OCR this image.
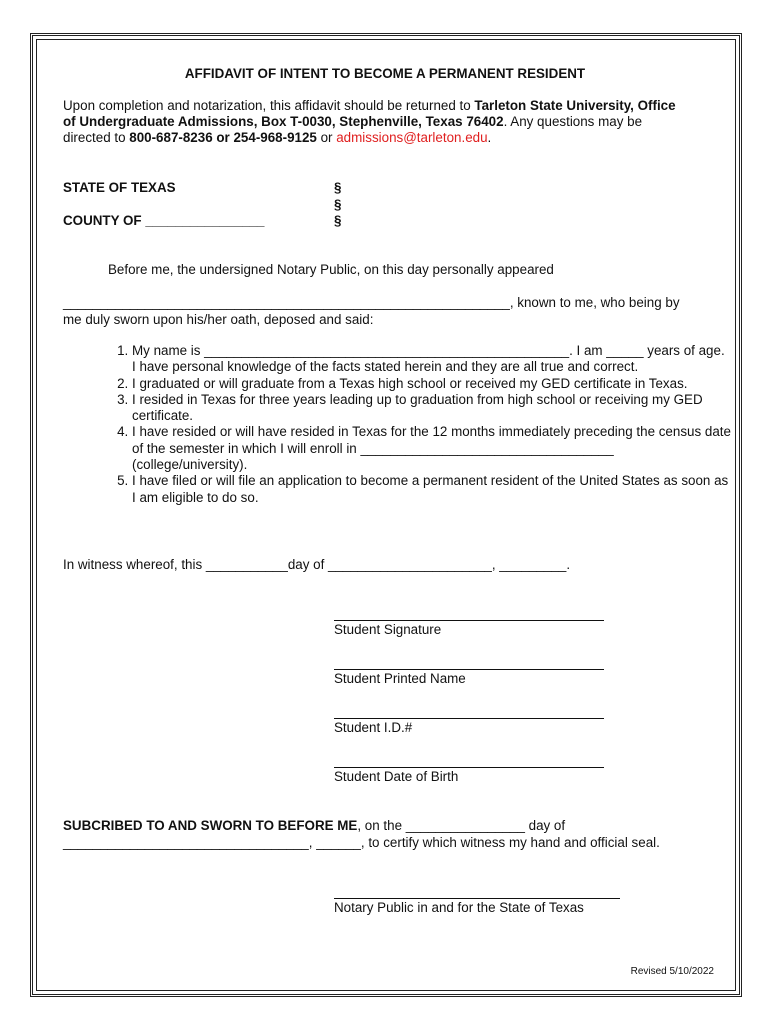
AFFIDAVIT OF INTENT TO BECOME A PERMANENT RESIDENT
Upon completion and notarization, this affidavit should be returned to Tarleton State University, Office
of Undergraduate Admissions, Box T-0030, Stephenville, Texas 76402. Any questions may be
directed to 800-687-8236 or 254-968-9125 or admissions@tarleton.edu.
STATE OF TEXAS
COUNTY OF ________________
§
§
§
Before me, the undersigned Notary Public, on this day personally appeared
____________________________________________________________, known to me, who being by
me duly sworn upon his/her oath, deposed and said:
1. My name is _________________________________________________. I am _____ years of age. I have personal knowledge of the facts stated herein and they are all true and correct.
2. I graduated or will graduate from a Texas high school or received my GED certificate in Texas.
3. I resided in Texas for three years leading up to graduation from high school or receiving my GED certificate.
4. I have resided or will have resided in Texas for the 12 months immediately preceding the census date of the semester in which I will enroll in __________________________________ (college/university).
5. I have filed or will file an application to become a permanent resident of the United States as soon as I am eligible to do so.
In witness whereof, this ___________day of ______________________, _________.
Student Signature
Student Printed Name
Student I.D.#
Student Date of Birth
SUBCRIBED TO AND SWORN TO BEFORE ME, on the ________________ day of
_________________________________, ______, to certify which witness my hand and official seal.
Notary Public in and for the State of Texas
Revised 5/10/2022
